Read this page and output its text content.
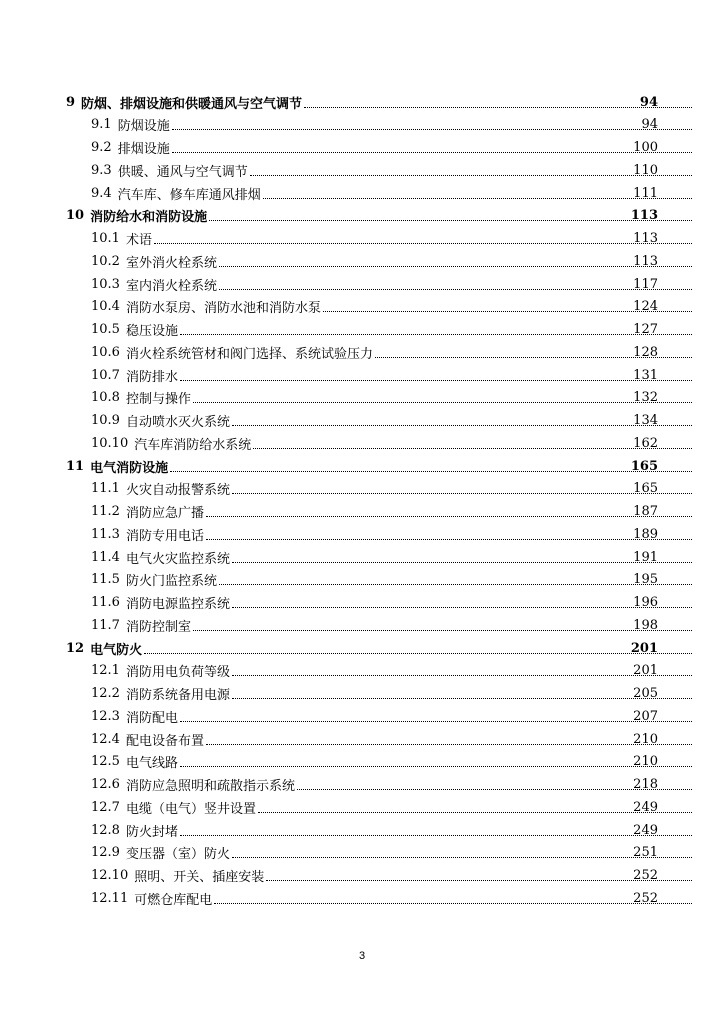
9 防烟、排烟设施和供暖通风与空气调节	94
9.1 防烟设施	94
9.2 排烟设施	100
9.3 供暖、通风与空气调节	110
9.4 汽车库、修车库通风排烟	111
10 消防给水和消防设施	113
10.1 术语	113
10.2 室外消火栓系统	113
10.3 室内消火栓系统	117
10.4 消防水泵房、消防水池和消防水泵	124
10.5 稳压设施	127
10.6 消火栓系统管材和阀门选择、系统试验压力	128
10.7 消防排水	131
10.8 控制与操作	132
10.9 自动喷水灭火系统	134
10.10 汽车库消防给水系统	162
11 电气消防设施	165
11.1 火灾自动报警系统	165
11.2 消防应急广播	187
11.3 消防专用电话	189
11.4 电气火灾监控系统	191
11.5 防火门监控系统	195
11.6 消防电源监控系统	196
11.7 消防控制室	198
12 电气防火	201
12.1 消防用电负荷等级	201
12.2 消防系统备用电源	205
12.3 消防配电	207
12.4 配电设备布置	210
12.5 电气线路	210
12.6 消防应急照明和疏散指示系统	218
12.7 电缆（电气）竖井设置	249
12.8 防火封堵	249
12.9 变压器（室）防火	251
12.10 照明、开关、插座安装	252
12.11 可燃仓库配电	252
3
